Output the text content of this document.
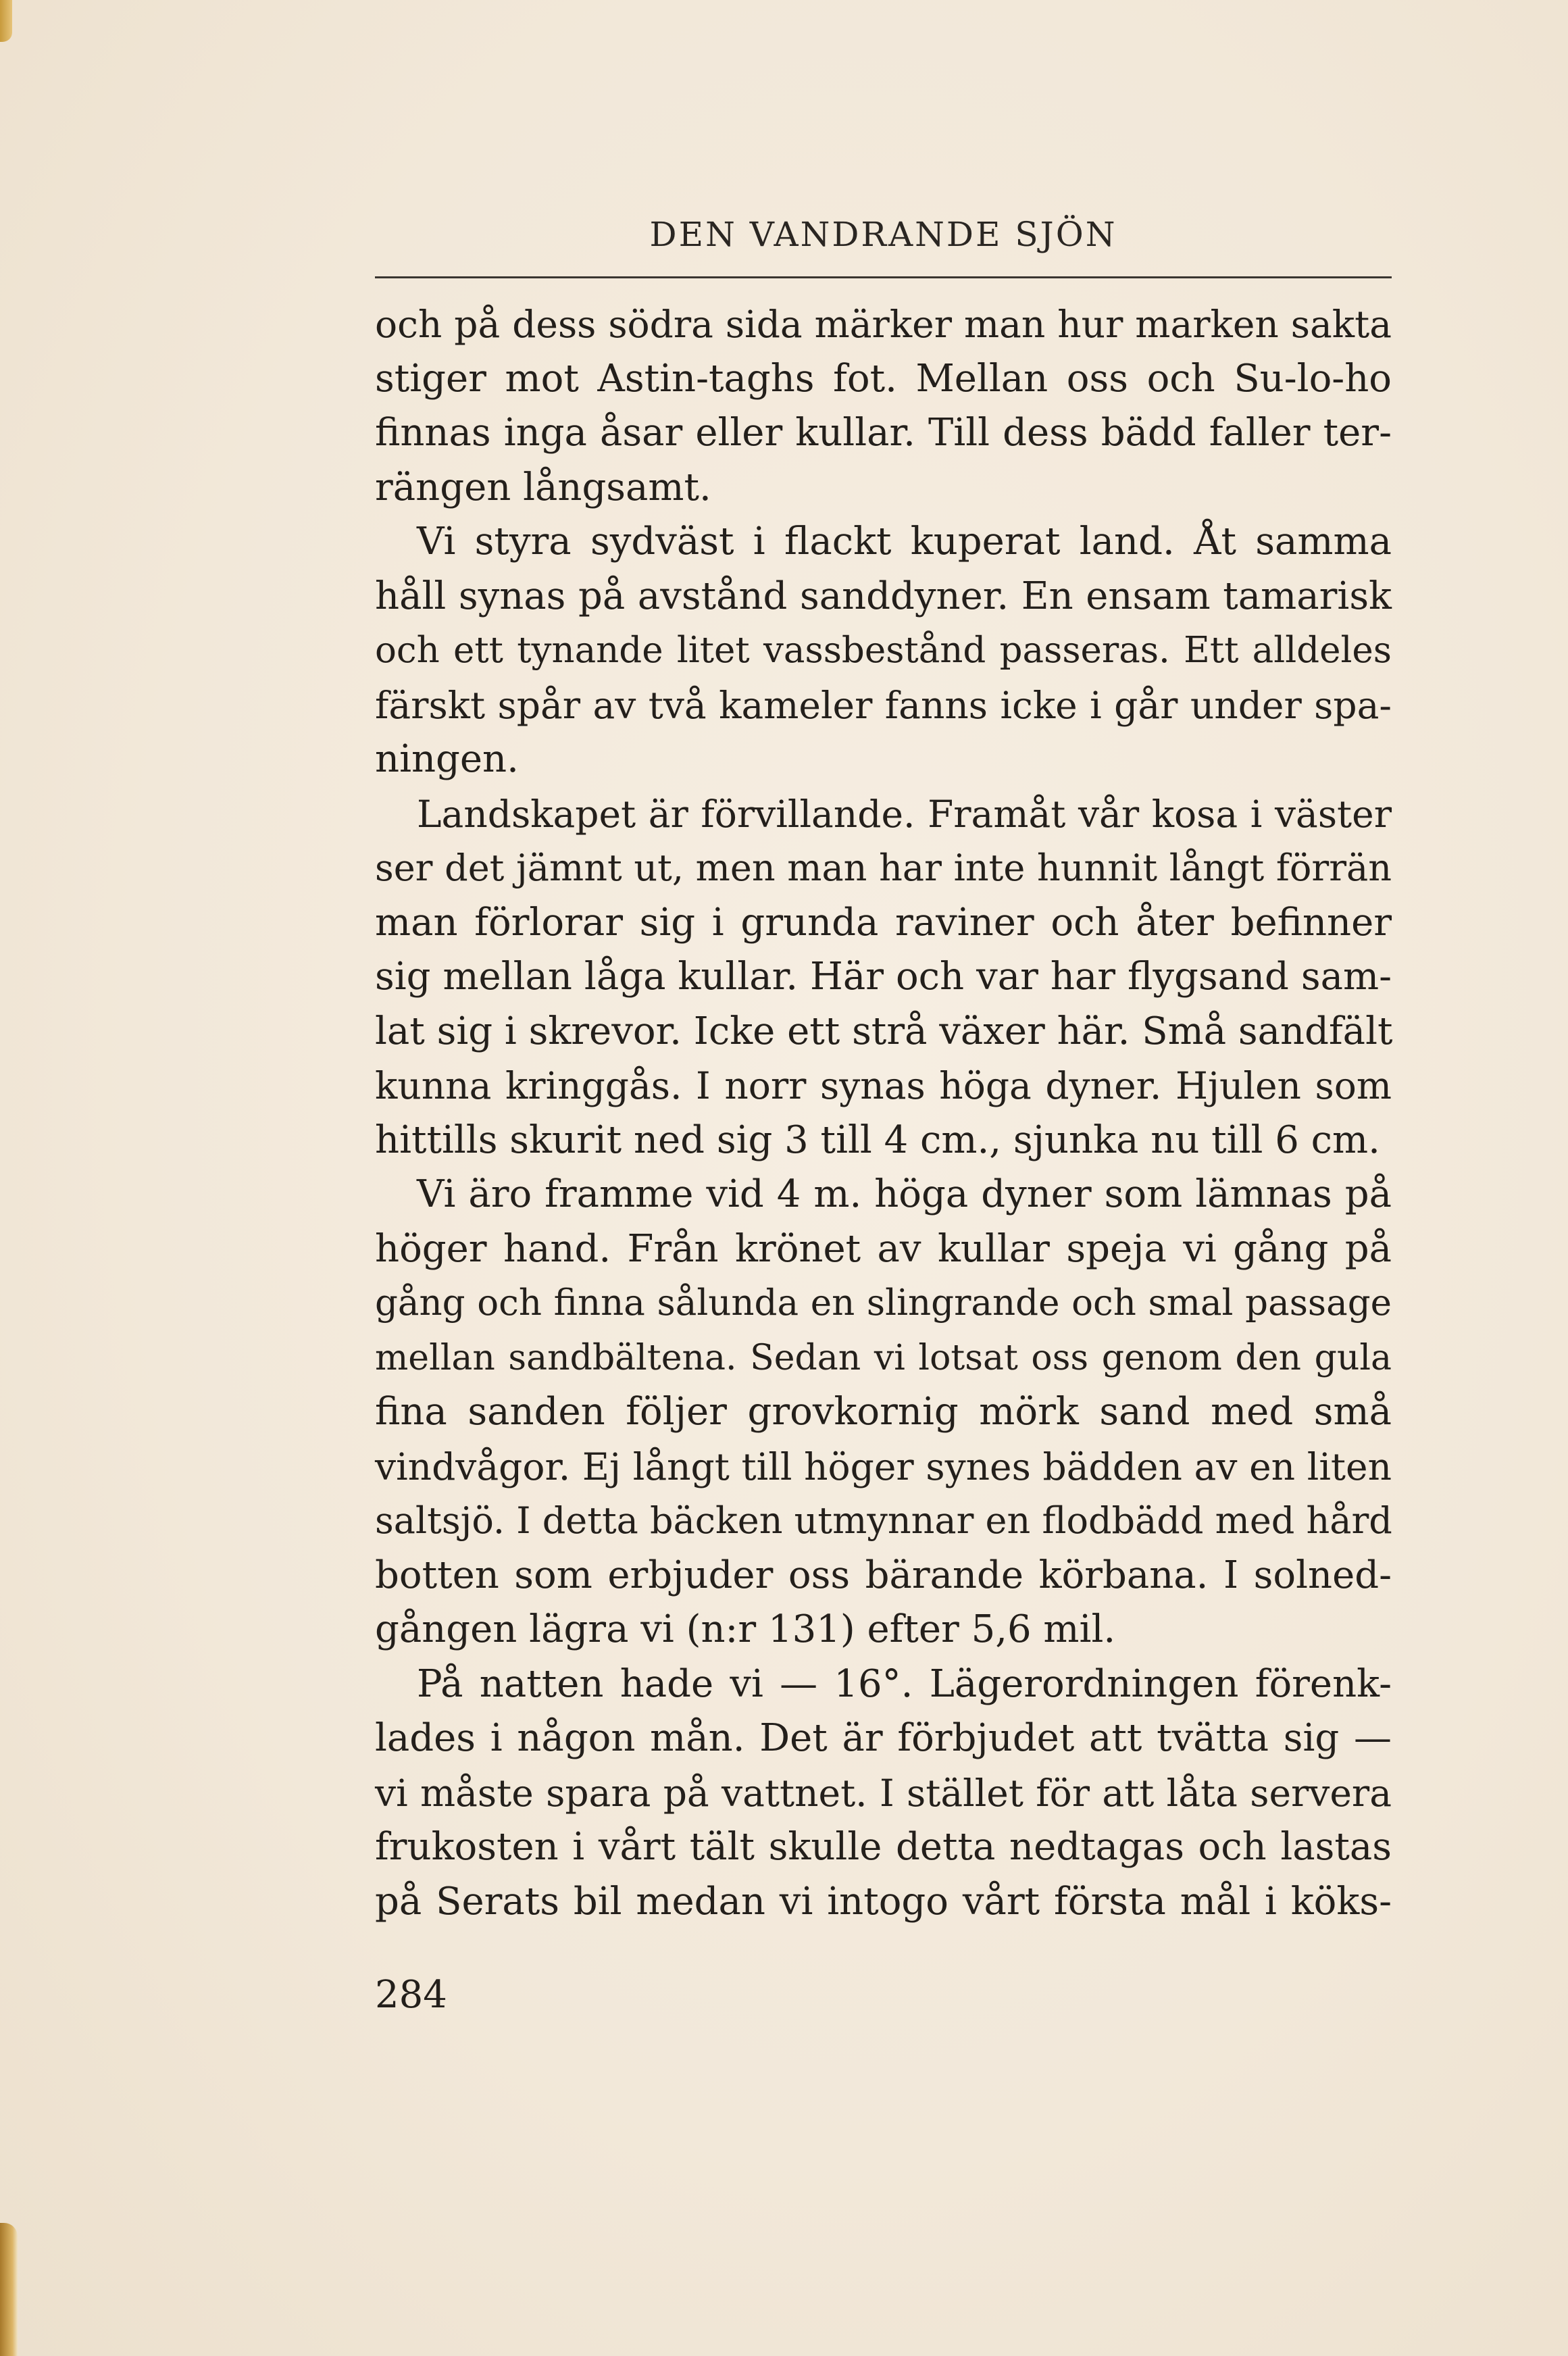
DEN VANDRANDE SJÖN
och på dess södra sida märker man hur marken sakta
stiger mot Astin-taghs fot. Mellan oss och Su-lo-ho
finnas inga åsar eller kullar. Till dess bädd faller ter-
rängen långsamt.
Vi styra sydväst i flackt kuperat land. Åt samma
håll synas på avstånd sanddyner. En ensam tamarisk
och ett tynande litet vassbestånd passeras. Ett alldeles
färskt spår av två kameler fanns icke i går under spa-
ningen.
Landskapet är förvillande. Framåt vår kosa i väster
ser det jämnt ut, men man har inte hunnit långt förrän
man förlorar sig i grunda raviner och åter befinner
sig mellan låga kullar. Här och var har flygsand sam-
lat sig i skrevor. Icke ett strå växer här. Små sandfält
kunna kringgås. I norr synas höga dyner. Hjulen som
hittills skurit ned sig 3 till 4 cm., sjunka nu till 6 cm.
Vi äro framme vid 4 m. höga dyner som lämnas på
höger hand. Från krönet av kullar speja vi gång på
gång och finna sålunda en slingrande och smal passage
mellan sandbältena. Sedan vi lotsat oss genom den gula
fina sanden följer grovkornig mörk sand med små
vindvågor. Ej långt till höger synes bädden av en liten
saltsjö. I detta bäcken utmynnar en flodbädd med hård
botten som erbjuder oss bärande körbana. I solned-
gången lägra vi (n:r 131) efter 5,6 mil.
På natten hade vi — 16°. Lägerordningen förenk-
lades i någon mån. Det är förbjudet att tvätta sig —
vi måste spara på vattnet. I stället för att låta servera
frukosten i vårt tält skulle detta nedtagas och lastas
på Serats bil medan vi intogo vårt första mål i köks-
284
